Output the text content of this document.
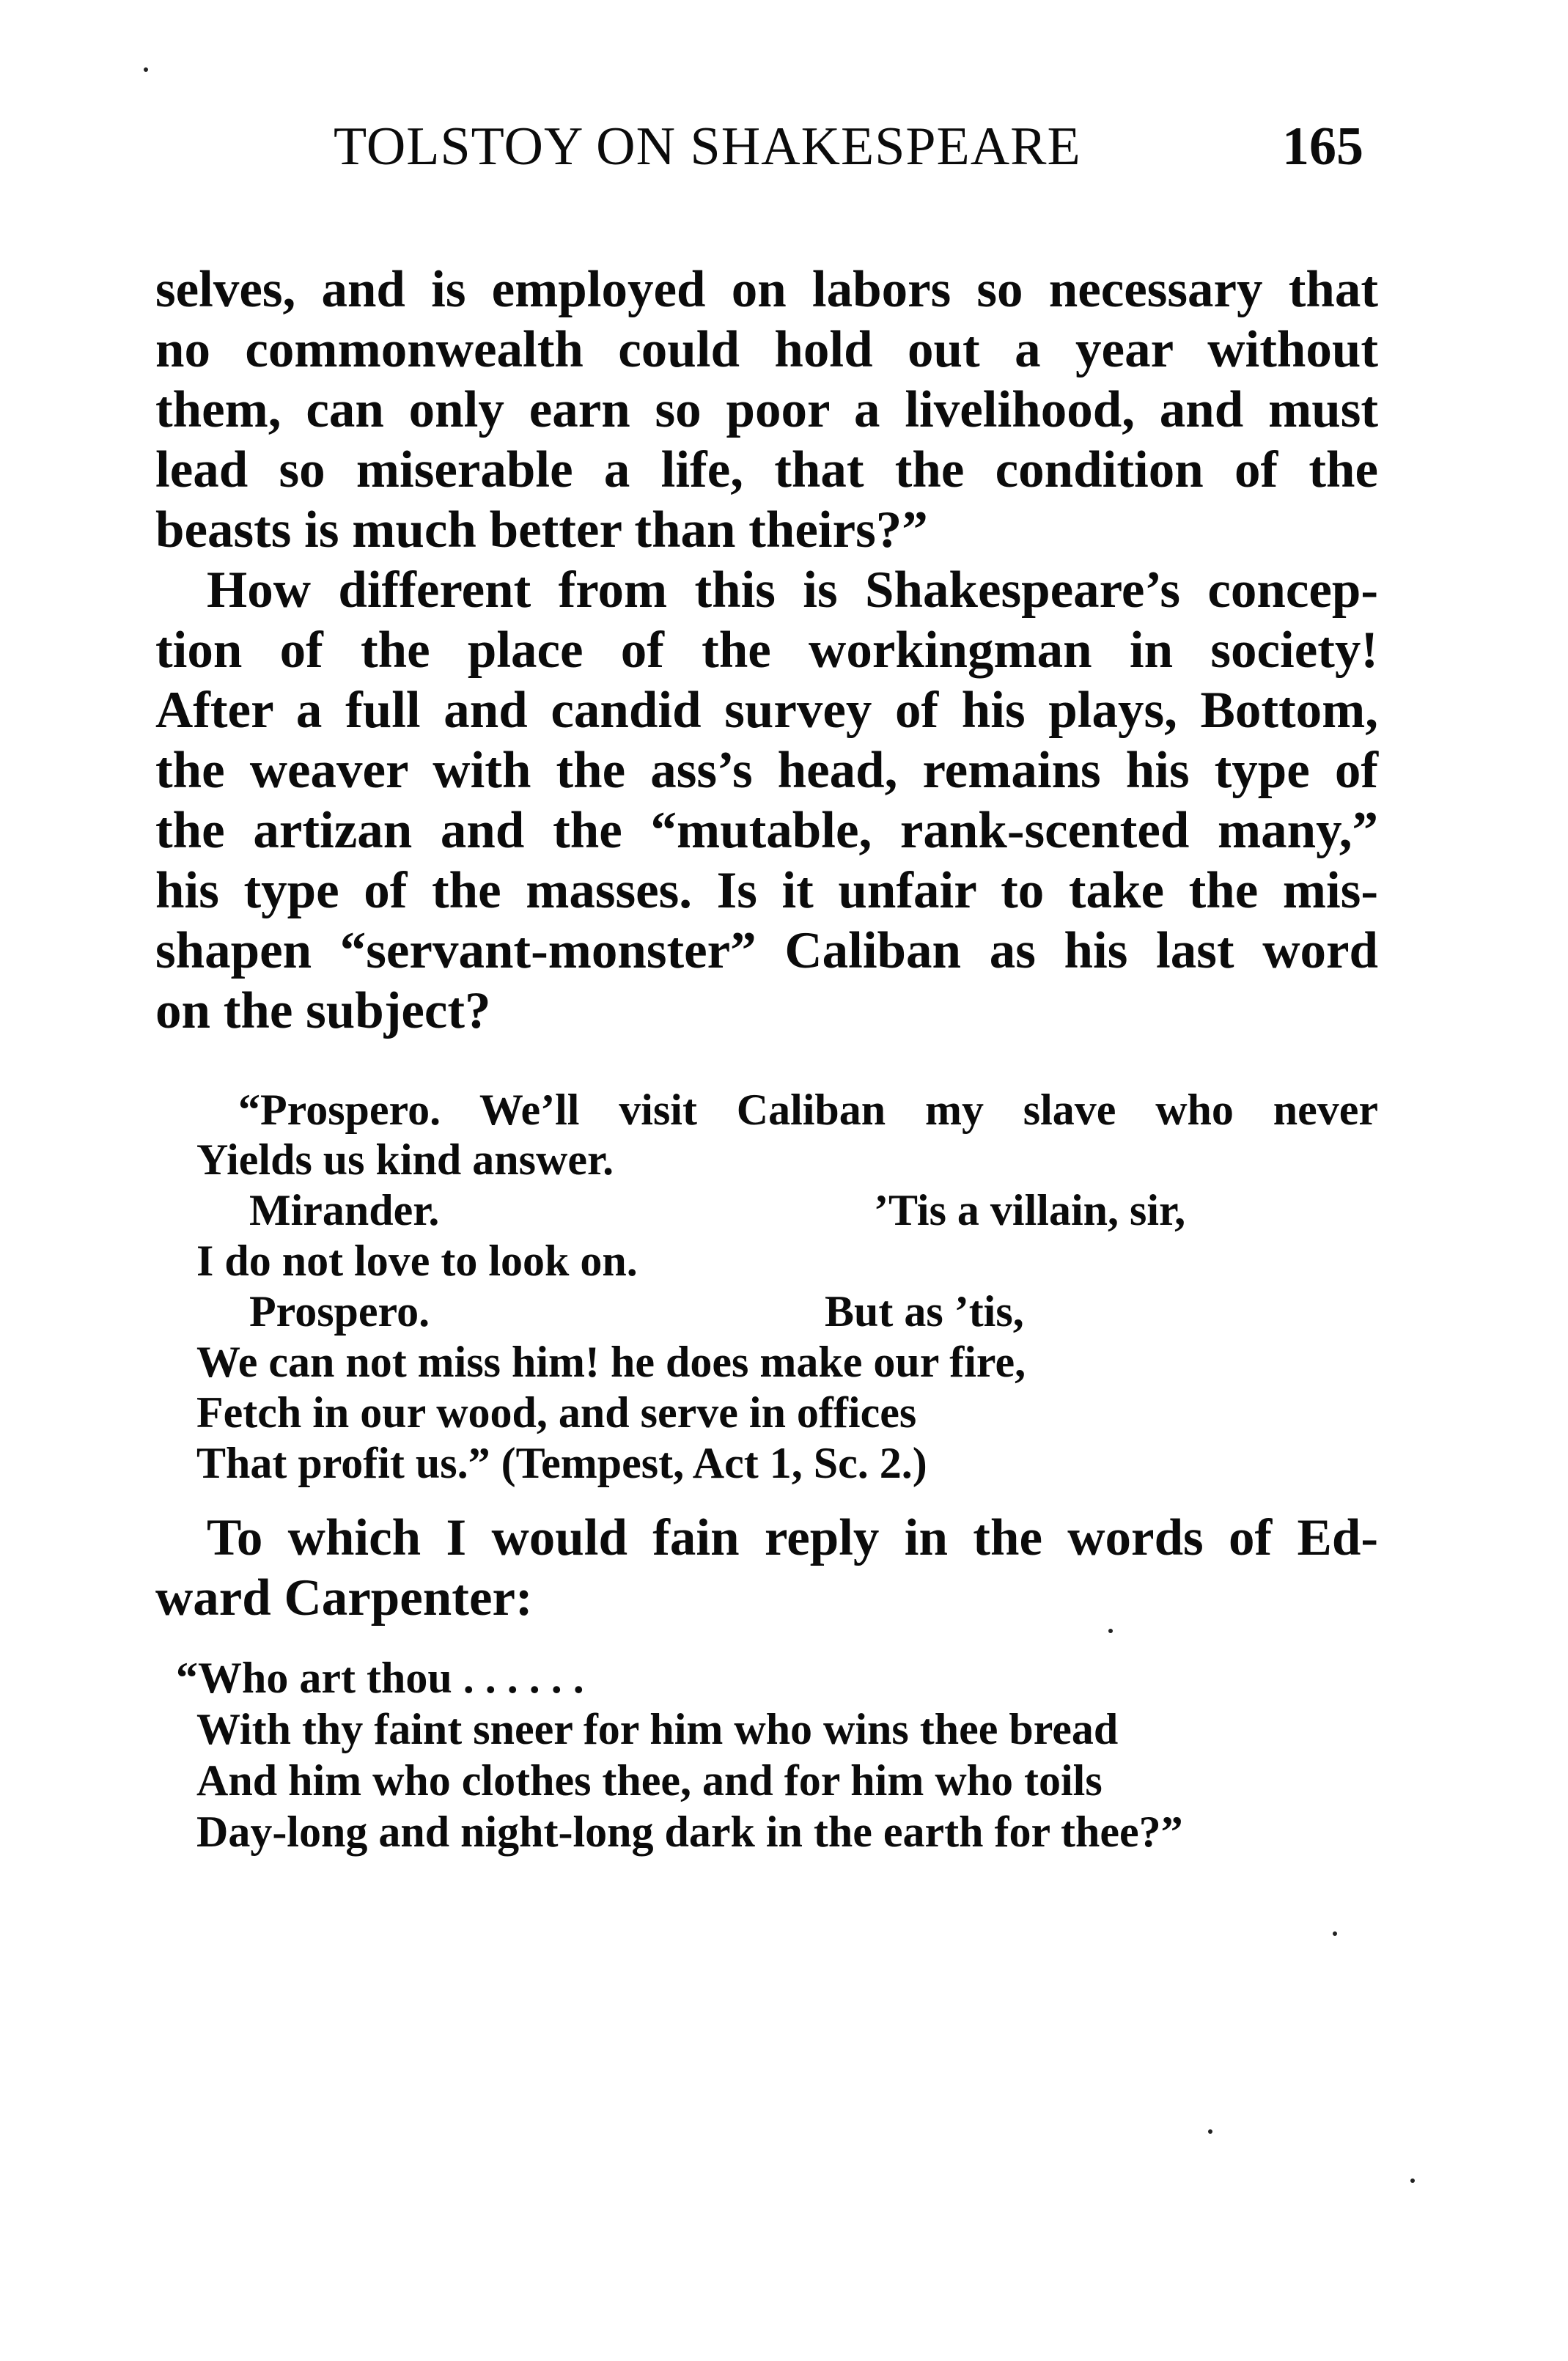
TOLSTOY ON SHAKESPEARE	165
selves, and is employed on labors so necessary that
no commonwealth could hold out a year without
them, can only earn so poor a livelihood, and must
lead so miserable a life, that the condition of the
beasts is much better than theirs?”
How different from this is Shakespeare’s concep-
tion of the place of the workingman in society!
After a full and candid survey of his plays, Bottom,
the weaver with the ass’s head, remains his type of
the artizan and the “mutable, rank-scented many,”
his type of the masses. Is it unfair to take the mis-
shapen “servant-monster” Caliban as his last word
on the subject?
“Prospero. We’ll visit Caliban my slave who never
Yields us kind answer.
Mirander.	’Tis a villain, sir,
I do not love to look on.
Prospero.	But as ’tis,
We can not miss him! he does make our fire,
Fetch in our wood, and serve in offices
That profit us.” (Tempest, Act 1, Sc. 2.)
To which I would fain reply in the words of Ed-
ward Carpenter:
“Who art thou . . . . . .
With thy faint sneer for him who wins thee bread
And him who clothes thee, and for him who toils
Day-long and night-long dark in the earth for thee?”
